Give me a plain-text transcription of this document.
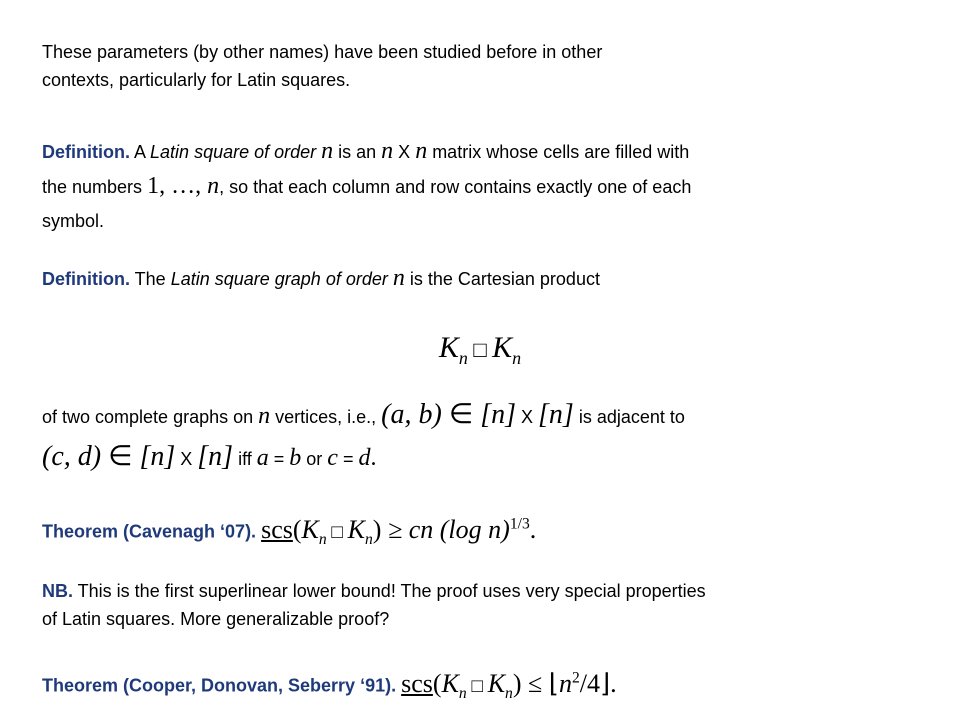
These parameters (by other names) have been studied before in other
contexts, particularly for Latin squares.
Definition. A Latin square of order n is an n X n matrix whose cells are filled with
the numbers 1, …, n, so that each column and row contains exactly one of each
symbol.
Definition. The Latin square graph of order n is the Cartesian product
$K_n$ □ $K_n$
of two complete graphs on n vertices, i.e., (a, b) ∈ [n] X [n] is adjacent to
(c, d) ∈ [n] X [n] iff a = b or c = d.
Theorem (Cavenagh ‘07). $scs(K_n$ □ $K_n$) ≥ cn (log n)$^{1/3}$.
NB. This is the first superlinear lower bound! The proof uses very special properties
of Latin squares. More generalizable proof?
Theorem (Cooper, Donovan, Seberry ‘91). $scs(K_n$ □ $K_n$) ≤ $⌊n^2/4⌋$.
